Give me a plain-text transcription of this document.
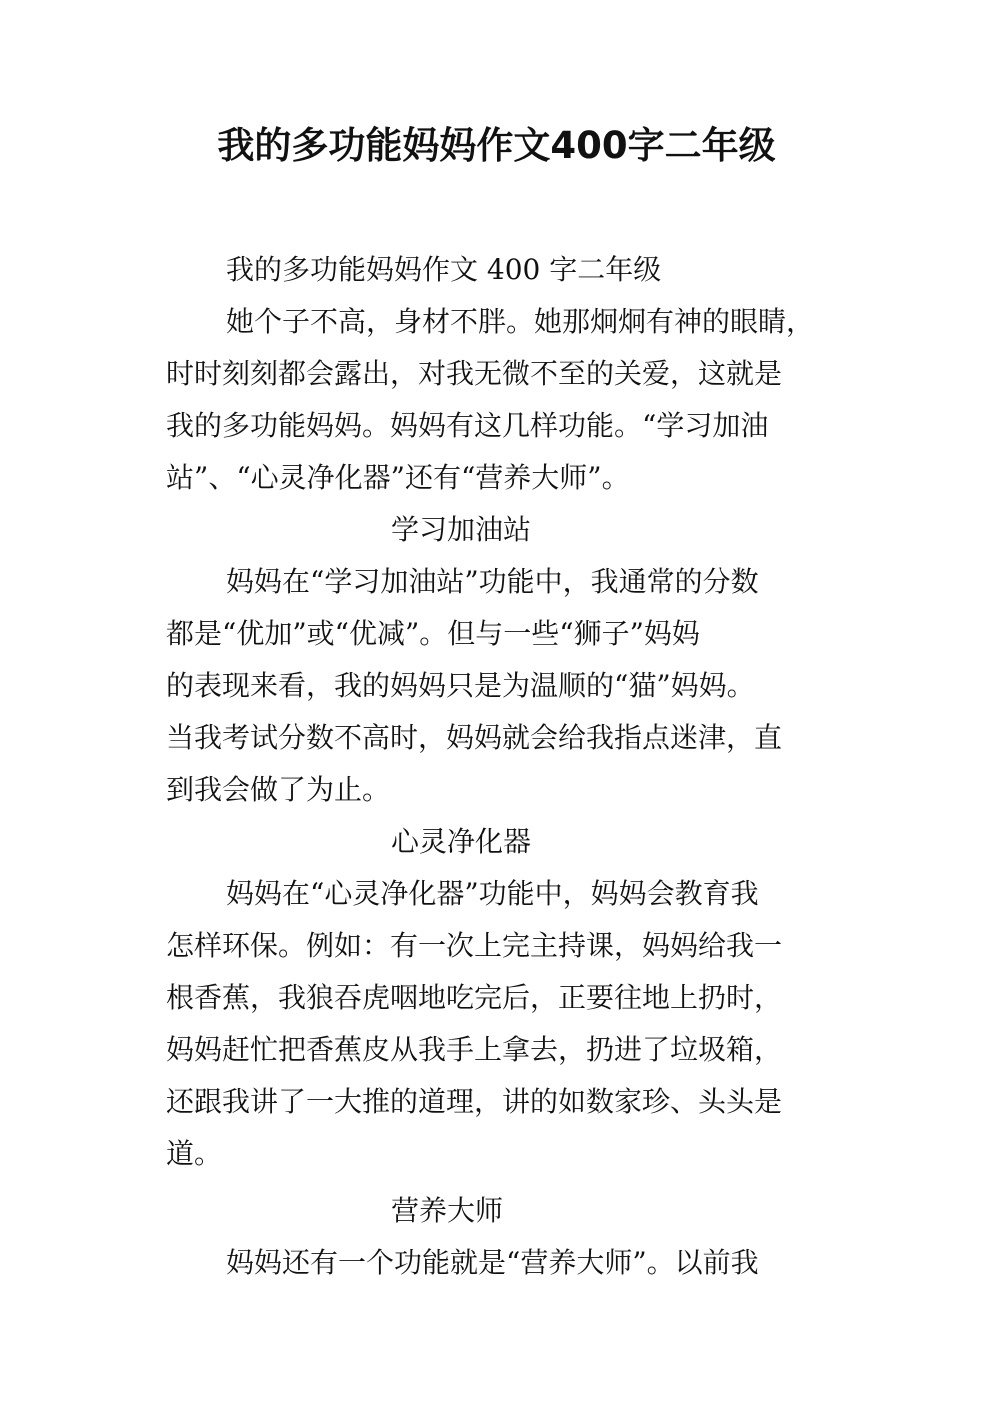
我的多功能妈妈作文400字二年级
我的多功能妈妈作文 400 字二年级
她个子不高，身材不胖。她那炯炯有神的眼睛，
时时刻刻都会露出，对我无微不至的关爱，这就是
我的多功能妈妈。妈妈有这几样功能。“学习加油
站”、“心灵净化器”还有“营养大师”。
学习加油站
妈妈在“学习加油站”功能中，我通常的分数
都是“优加”或“优减”。但与一些“狮子”妈妈
的表现来看，我的妈妈只是为温顺的“猫”妈妈。
当我考试分数不高时，妈妈就会给我指点迷津，直
到我会做了为止。
心灵净化器
妈妈在“心灵净化器”功能中，妈妈会教育我
怎样环保。例如：有一次上完主持课，妈妈给我一
根香蕉，我狼吞虎咽地吃完后，正要往地上扔时，
妈妈赶忙把香蕉皮从我手上拿去，扔进了垃圾箱，
还跟我讲了一大推的道理，讲的如数家珍、头头是
道。
营养大师
妈妈还有一个功能就是“营养大师”。以前我
